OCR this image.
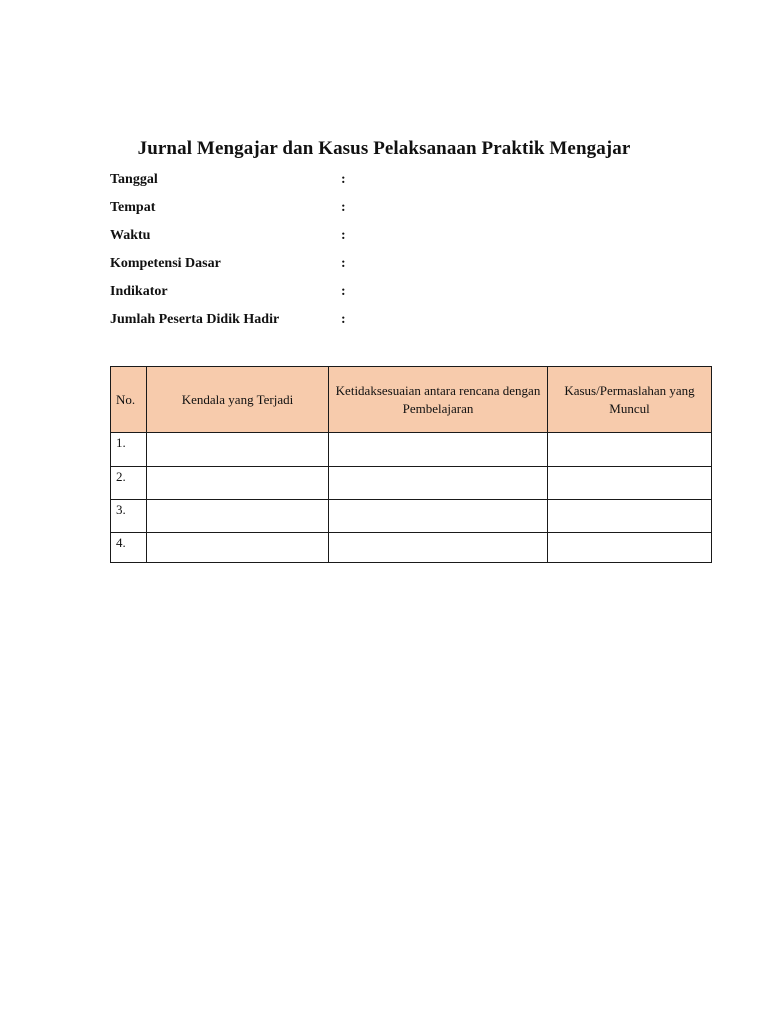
Jurnal Mengajar dan Kasus Pelaksanaan Praktik Mengajar
Tanggal	:
Tempat	:
Waktu	:
Kompetensi Dasar	:
Indikator	:
Jumlah Peserta Didik Hadir	:
No.	Kendala yang Terjadi	Ketidaksesuaian antara rencana dengan Pembelajaran	Kasus/Permaslahan yang Muncul
1.			
2.			
3.			
4.			
